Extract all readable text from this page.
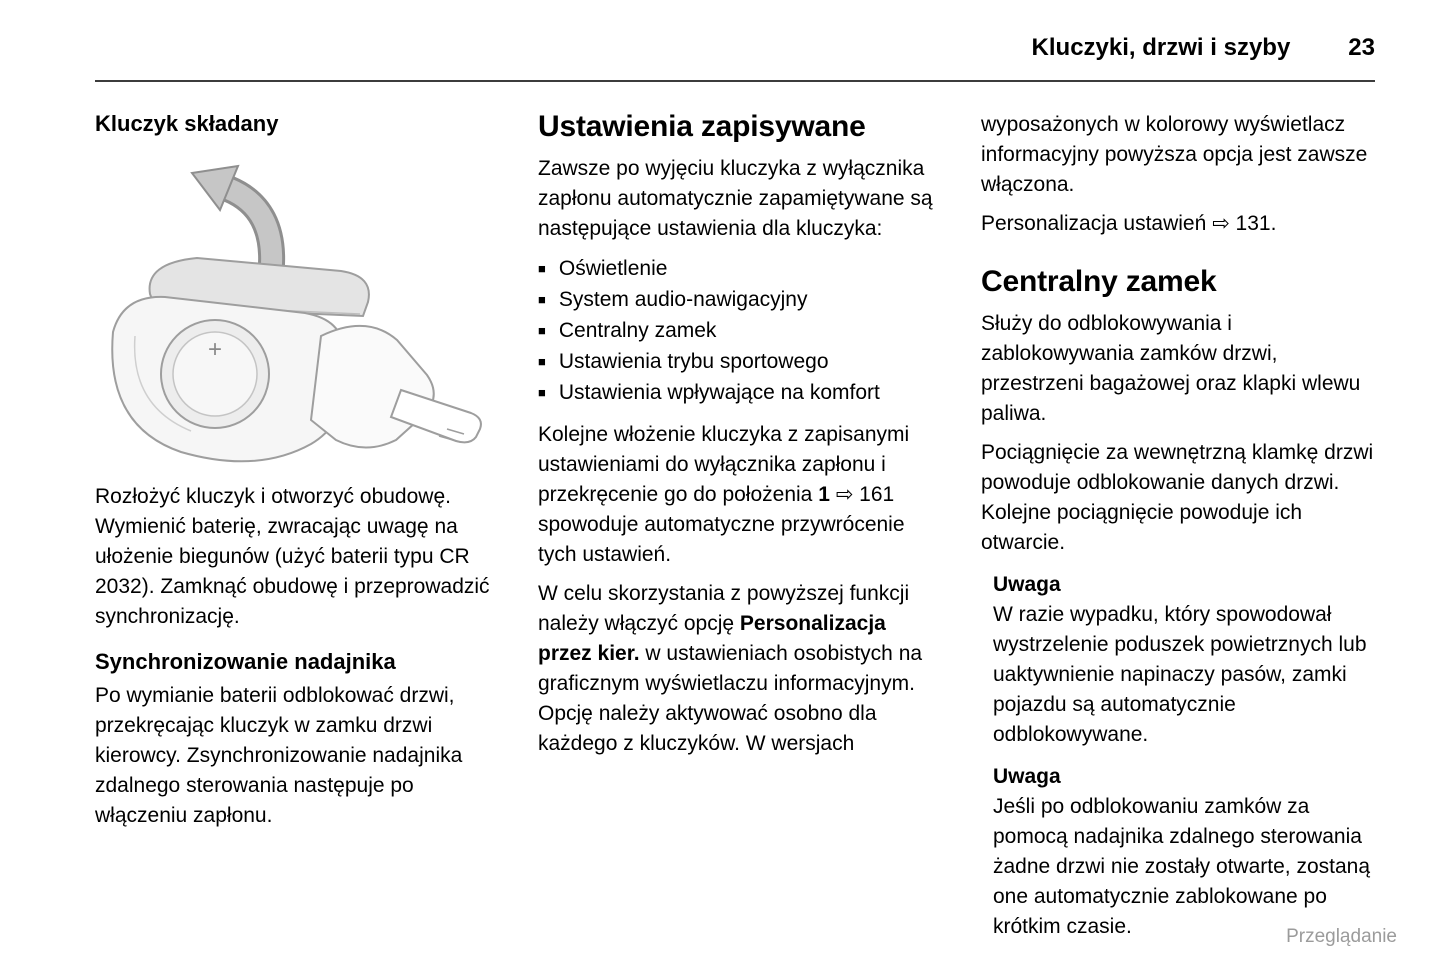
Kluczyki, drzwi i szyby 23
Kluczyk składany
+

Rozłożyć kluczyk i otworzyć obudowę. Wymienić baterię, zwracając uwagę na ułożenie biegunów (użyć baterii typu CR 2032). Zamknąć obudowę i przeprowadzić synchronizację.

Synchronizowanie nadajnika

Po wymianie baterii odblokować drzwi, przekręcając kluczyk w zamku drzwi kierowcy. Zsynchronizowanie nadajnika zdalnego sterowania następuje po włączeniu zapłonu.

Ustawienia zapisywane

Zawsze po wyjęciu kluczyka z wyłącznika zapłonu automatycznie zapamiętywane są następujące ustawienia dla kluczyka:

■ Oświetlenie
■ System audio-nawigacyjny
■ Centralny zamek
■ Ustawienia trybu sportowego
■ Ustawienia wpływające na komfort

Kolejne włożenie kluczyka z zapisanymi ustawieniami do wyłącznika zapłonu i przekręcenie go do położenia 1 ⇨ 161 spowoduje automatyczne przywrócenie tych ustawień.

W celu skorzystania z powyższej funkcji należy włączyć opcję Personalizacja przez kier. w ustawieniach osobistych na graficznym wyświetlaczu informacyjnym. Opcję należy aktywować osobno dla każdego z kluczyków. W wersjach

wyposażonych w kolorowy wyświetlacz informacyjny powyższa opcja jest zawsze włączona.

Personalizacja ustawień ⇨ 131.

Centralny zamek

Służy do odblokowywania i zablokowywania zamków drzwi, przestrzeni bagażowej oraz klapki wlewu paliwa.

Pociągnięcie za wewnętrzną klamkę drzwi powoduje odblokowanie danych drzwi. Kolejne pociągnięcie powoduje ich otwarcie.

Uwaga

W razie wypadku, który spowodował wystrzelenie poduszek powietrznych lub uaktywnienie napinaczy pasów, zamki pojazdu są automatycznie odblokowywane.

Uwaga

Jeśli po odblokowaniu zamków za pomocą nadajnika zdalnego sterowania żadne drzwi nie zostały otwarte, zostaną one automatycznie zablokowane po krótkim czasie.	Przeglądanie
